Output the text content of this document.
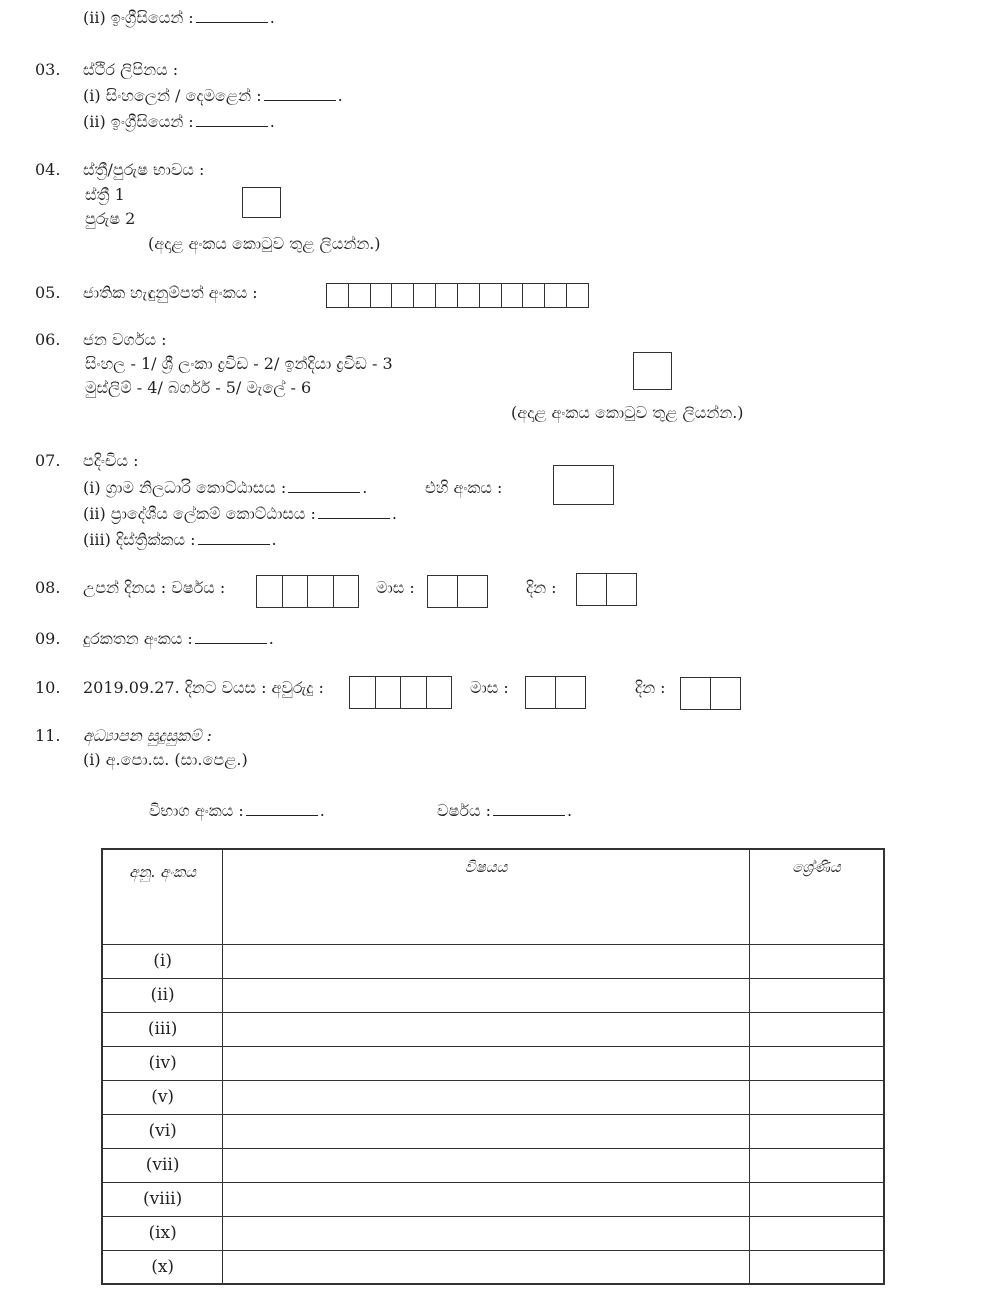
(ii) ඉංග්‍රීසියෙන් :	.
03. ස්ථිර ලිපිනය :
(i) සිංහලෙන් / දෙමළෙන් :	.
(ii) ඉංග්‍රීසියෙන් :	.
04. ස්ත්‍රී/පුරුෂ භාවය :
ස්ත්‍රී 1
පුරුෂ 2
(අදාළ අංකය කොටුව තුළ ලියන්න.)
05. ජාතික හැඳුනුම්පත් අංකය :
06. ජන වර්ගය :
සිංහල - 1/ ශ්‍රී ලංකා ද්‍රවිඩ - 2/ ඉන්දියා ද්‍රවිඩ - 3
මුස්ලිම් - 4/ බර්ගර් - 5/ මැලේ - 6
(අදාළ අංකය කොටුව තුළ ලියන්න.)
07. පදිංචිය :
(i) ග්‍රාම නිලධාරි කොට්ඨාසය :	.	එහි අංකය :
(ii) ප්‍රාදේශීය ලේකම් කොට්ඨාසය :	.
(iii) දිස්ත්‍රික්කය :	.
08. උපන් දිනය : වර්ෂය :	මාස :	දින :
09. දුරකතන අංකය :	.
10. 2019.09.27. දිනට වයස : අවුරුදු :	මාස :	දින :
11. අධ්‍යාපන සුදුසුකම් :
(i) අ.පො.ස. (සා.පෙළ.)
විභාග අංකය :	.	වර්ෂය :	.
අනු. අංකය	විෂයය	ශ්‍රේණිය
(i)		
(ii)		
(iii)		
(iv)		
(v)		
(vi)		
(vii)		
(viii)		
(ix)		
(x)		
